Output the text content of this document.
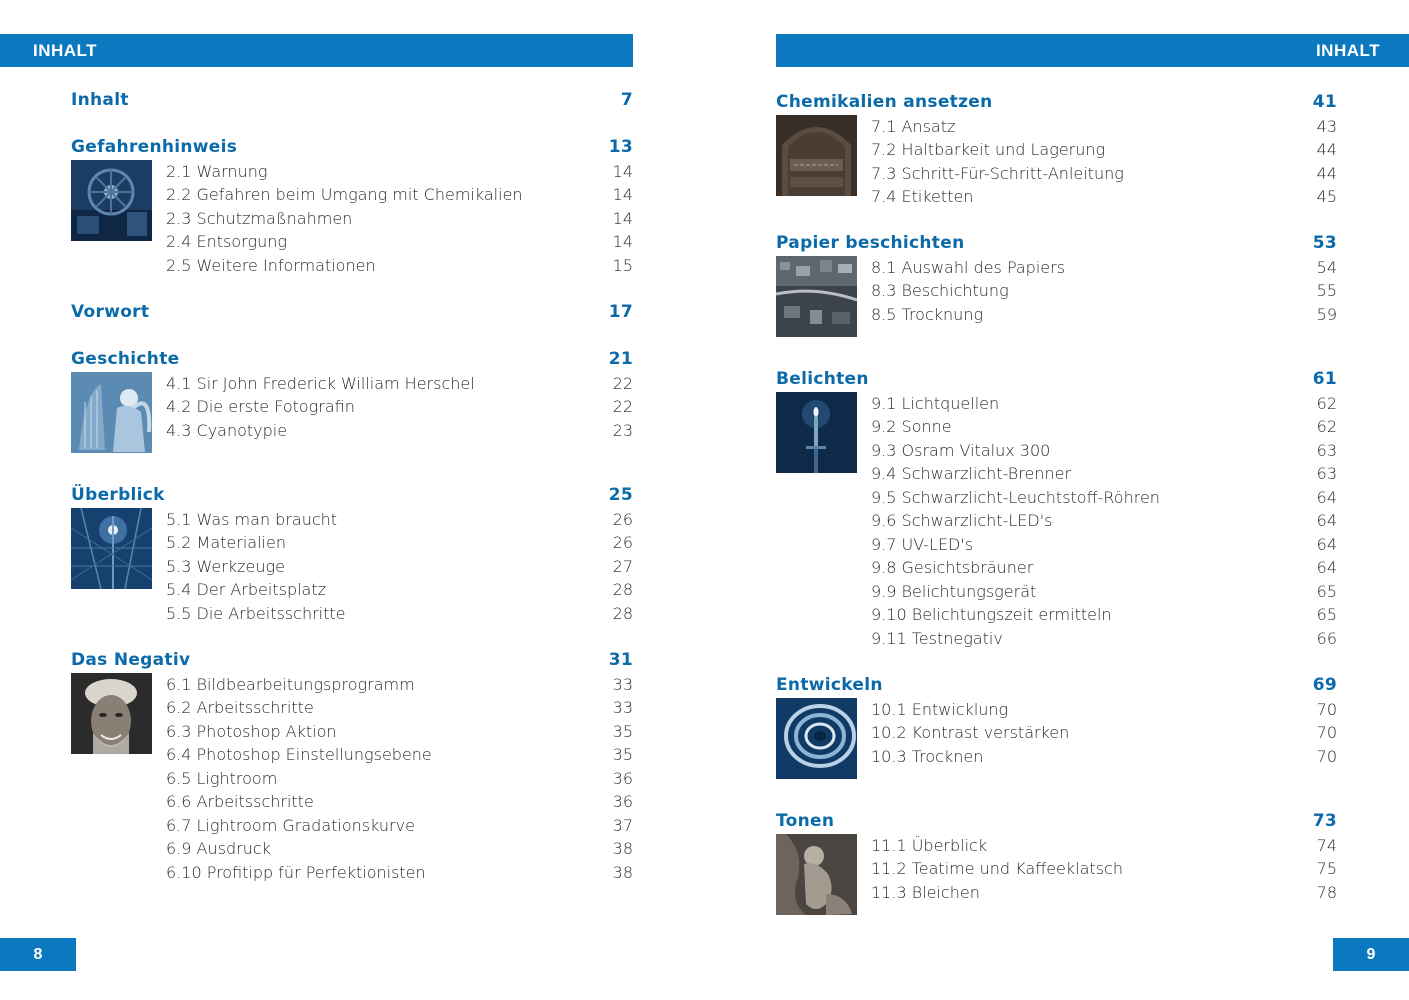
INHALT
Inhalt	7
Gefahrenhinweis	13
2.1 Warnung	14
2.2 Gefahren beim Umgang mit Chemikalien	14
2.3 Schutzmaßnahmen	14
2.4 Entsorgung	14
2.5 Weitere Informationen	15
Vorwort	17
Geschichte	21
4.1 Sir John Frederick William Herschel	22
4.2 Die erste Fotografin	22
4.3 Cyanotypie	23
Überblick	25
5.1 Was man braucht	26
5.2 Materialien	26
5.3 Werkzeuge	27
5.4 Der Arbeitsplatz	28
5.5 Die Arbeitsschritte	28
Das Negativ	31
6.1 Bildbearbeitungsprogramm	33
6.2 Arbeitsschritte	33
6.3 Photoshop Aktion	35
6.4 Photoshop Einstellungsebene	35
6.5 Lightroom	36
6.6 Arbeitsschritte	36
6.7 Lightroom Gradationskurve	37
6.9 Ausdruck	38
6.10 Profitipp für Perfektionisten	38
8
INHALT
Chemikalien ansetzen	41
7.1 Ansatz	43
7.2 Haltbarkeit und Lagerung	44
7.3 Schritt-Für-Schritt-Anleitung	44
7.4 Etiketten	45
Papier beschichten	53
8.1 Auswahl des Papiers	54
8.3 Beschichtung	55
8.5 Trocknung	59
Belichten	61
9.1 Lichtquellen	62
9.2 Sonne	62
9.3 Osram Vitalux 300	63
9.4 Schwarzlicht-Brenner	63
9.5 Schwarzlicht-Leuchtstoff-Röhren	64
9.6 Schwarzlicht-LED's	64
9.7 UV-LED's	64
9.8 Gesichtsbräuner	64
9.9 Belichtungsgerät	65
9.10 Belichtungszeit ermitteln	65
9.11 Testnegativ	66
Entwickeln	69
10.1 Entwicklung	70
10.2 Kontrast verstärken	70
10.3 Trocknen	70
Tonen	73
11.1 Überblick	74
11.2 Teatime und Kaffeeklatsch	75
11.3 Bleichen	78
9
